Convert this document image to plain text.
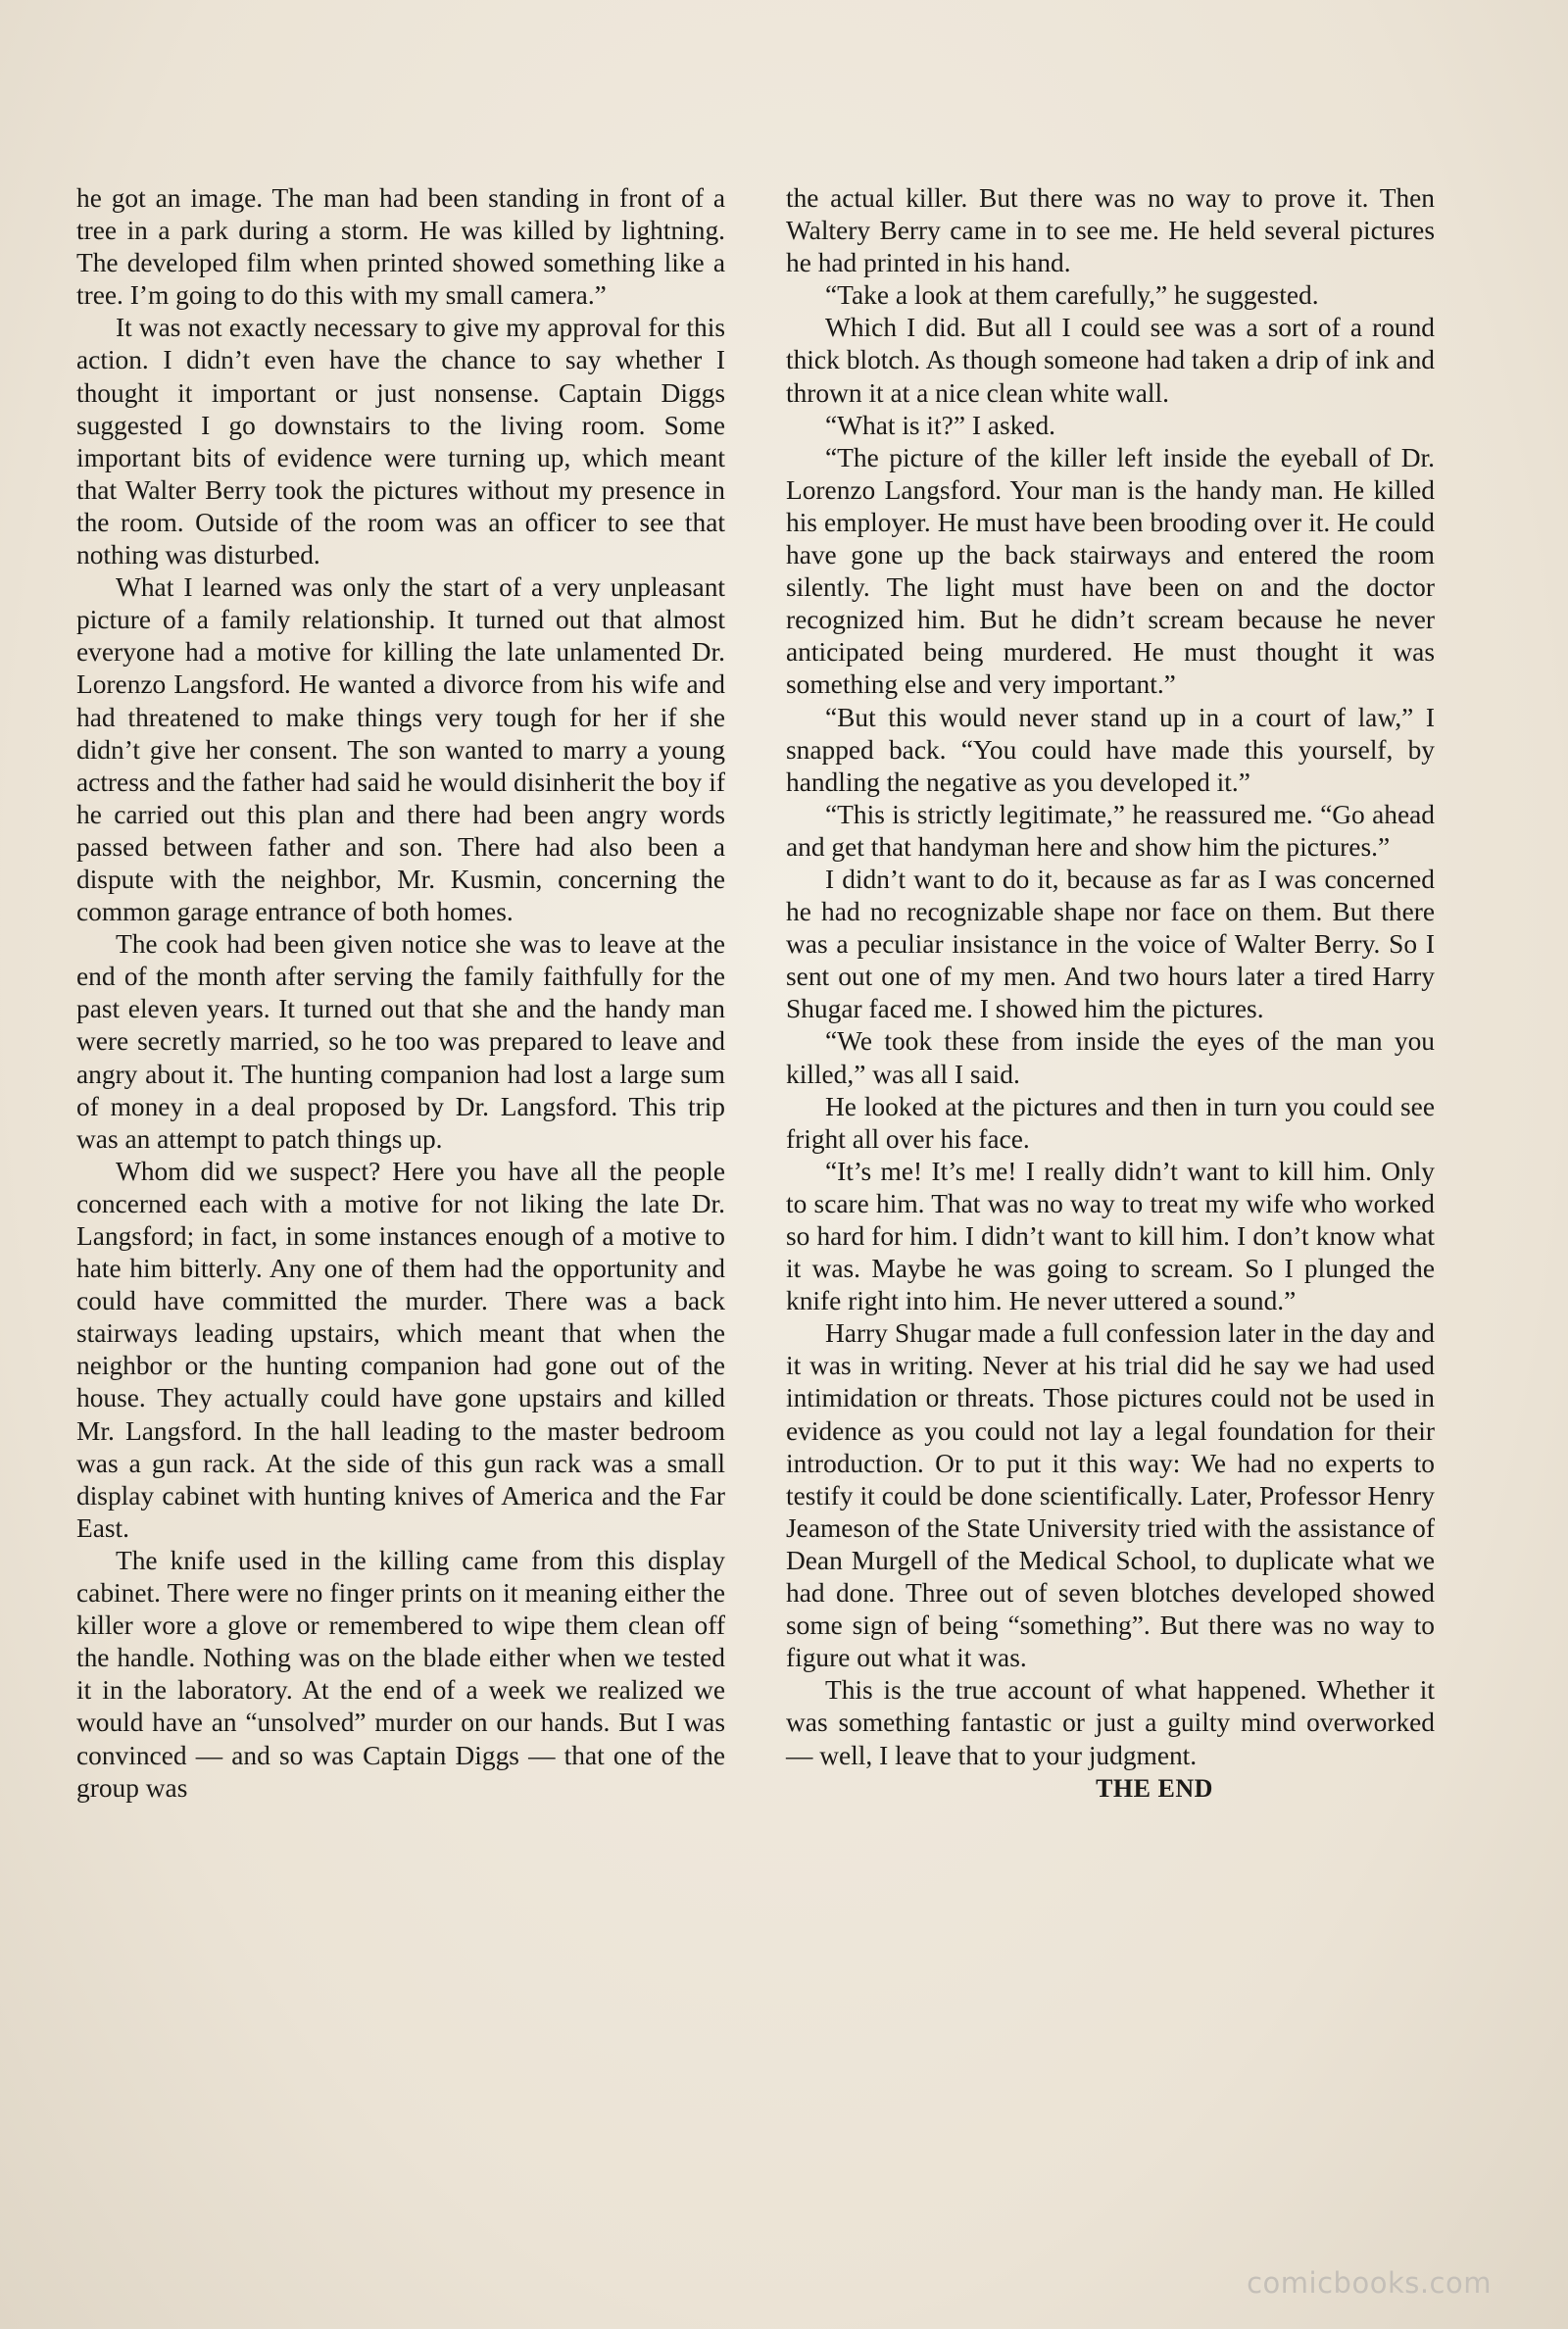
he got an image. The man had been standing in front of a tree in a park during a storm. He was killed by lightning. The developed film when printed showed something like a tree. I’m going to do this with my small camera.”

It was not exactly necessary to give my approval for this action. I didn’t even have the chance to say whether I thought it important or just nonsense. Captain Diggs suggested I go downstairs to the living room. Some important bits of evidence were turning up, which meant that Walter Berry took the pictures without my presence in the room. Outside of the room was an officer to see that nothing was disturbed.

What I learned was only the start of a very unpleasant picture of a family relationship. It turned out that almost everyone had a motive for killing the late unlamented Dr. Lorenzo Langsford. He wanted a divorce from his wife and had threatened to make things very tough for her if she didn’t give her consent. The son wanted to marry a young actress and the father had said he would disinherit the boy if he carried out this plan and there had been angry words passed between father and son. There had also been a dispute with the neighbor, Mr. Kusmin, concerning the common garage entrance of both homes.

The cook had been given notice she was to leave at the end of the month after serving the family faithfully for the past eleven years. It turned out that she and the handy man were secretly married, so he too was prepared to leave and angry about it. The hunting companion had lost a large sum of money in a deal proposed by Dr. Langsford. This trip was an attempt to patch things up.

Whom did we suspect? Here you have all the people concerned each with a motive for not liking the late Dr. Langsford; in fact, in some instances enough of a motive to hate him bitterly. Any one of them had the opportunity and could have committed the murder. There was a back stairways leading upstairs, which meant that when the neighbor or the hunting companion had gone out of the house. They actually could have gone upstairs and killed Mr. Langsford. In the hall leading to the master bedroom was a gun rack. At the side of this gun rack was a small display cabinet with hunting knives of America and the Far East.

The knife used in the killing came from this display cabinet. There were no finger prints on it meaning either the killer wore a glove or remembered to wipe them clean off the handle. Nothing was on the blade either when we tested it in the laboratory. At the end of a week we realized we would have an “unsolved” murder on our hands. But I was convinced — and so was Captain Diggs — that one of the group was

the actual killer. But there was no way to prove it. Then Waltery Berry came in to see me. He held several pictures he had printed in his hand.

“Take a look at them carefully,” he suggested.

Which I did. But all I could see was a sort of a round thick blotch. As though someone had taken a drip of ink and thrown it at a nice clean white wall.

“What is it?” I asked.

“The picture of the killer left inside the eyeball of Dr. Lorenzo Langsford. Your man is the handy man. He killed his employer. He must have been brooding over it. He could have gone up the back stairways and entered the room silently. The light must have been on and the doctor recognized him. But he didn’t scream because he never anticipated being murdered. He must thought it was something else and very important.”

“But this would never stand up in a court of law,” I snapped back. “You could have made this yourself, by handling the negative as you developed it.”

“This is strictly legitimate,” he reassured me. “Go ahead and get that handyman here and show him the pictures.”

I didn’t want to do it, because as far as I was concerned he had no recognizable shape nor face on them. But there was a peculiar insistance in the voice of Walter Berry. So I sent out one of my men. And two hours later a tired Harry Shugar faced me. I showed him the pictures.

“We took these from inside the eyes of the man you killed,” was all I said.

He looked at the pictures and then in turn you could see fright all over his face.

“It’s me! It’s me! I really didn’t want to kill him. Only to scare him. That was no way to treat my wife who worked so hard for him. I didn’t want to kill him. I don’t know what it was. Maybe he was going to scream. So I plunged the knife right into him. He never uttered a sound.”

Harry Shugar made a full confession later in the day and it was in writing. Never at his trial did he say we had used intimidation or threats. Those pictures could not be used in evidence as you could not lay a legal foundation for their introduction. Or to put it this way: We had no experts to testify it could be done scientifically. Later, Professor Henry Jeameson of the State University tried with the assistance of Dean Murgell of the Medical School, to duplicate what we had done. Three out of seven blotches developed showed some sign of being “something”. But there was no way to figure out what it was.

This is the true account of what happened. Whether it was something fantastic or just a guilty mind overworked — well, I leave that to your judgment.

THE END

comicbooks.com
